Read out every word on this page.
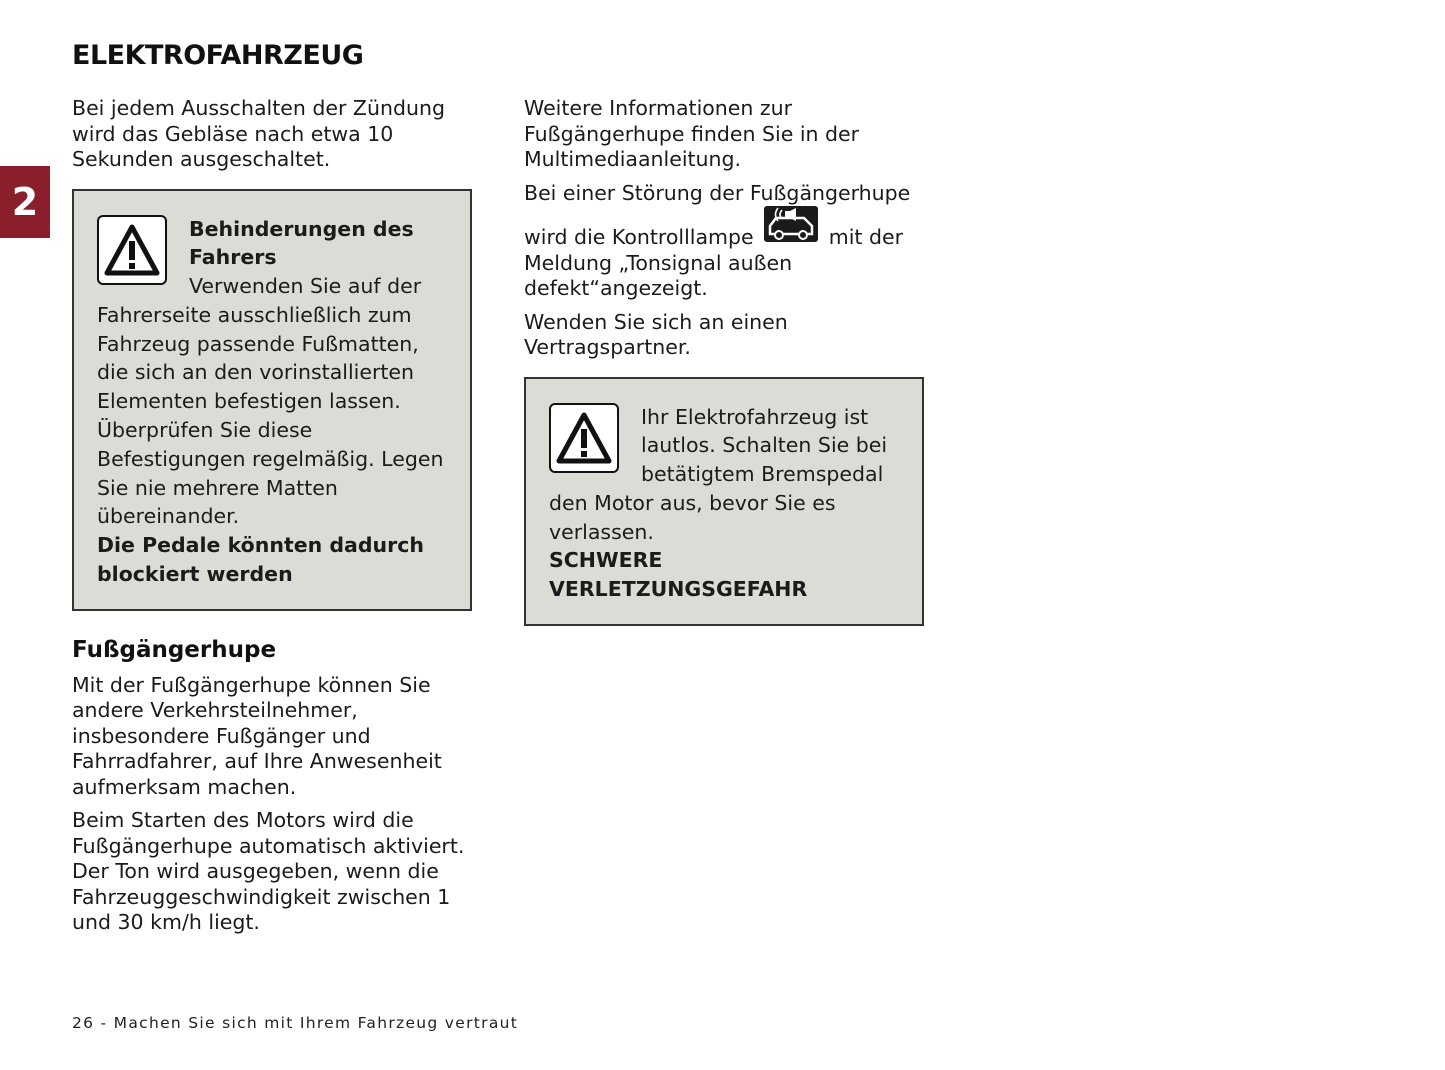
2
ELEKTROFAHRZEUG

Bei jedem Ausschalten der Zündung wird das Gebläse nach etwa 10 Sekunden ausgeschaltet.

Behinderungen des Fahrers
Verwenden Sie auf der Fahrerseite ausschließlich zum Fahrzeug passende Fußmatten, die sich an den vorinstallierten Elementen befestigen lassen. Überprüfen Sie diese Befestigungen regelmäßig. Legen Sie nie mehrere Matten übereinander.
Die Pedale könnten dadurch blockiert werden
Fußgängerhupe

Mit der Fußgängerhupe können Sie andere Verkehrsteilnehmer, insbesondere Fußgänger und Fahrradfahrer, auf Ihre Anwesenheit aufmerksam machen.

Beim Starten des Motors wird die Fußgängerhupe automatisch aktiviert. Der Ton wird ausgegeben, wenn die Fahrzeuggeschwindigkeit zwischen 1 und 30 km/h liegt.

Weitere Informationen zur Fußgängerhupe finden Sie in der Multimediaanleitung.

Bei einer Störung der Fußgängerhupe wird die Kontrolllampe	mit der Meldung „Tonsignal außen defekt“angezeigt.

Wenden Sie sich an einen Vertragspartner.

Ihr Elektrofahrzeug ist lautlos. Schalten Sie bei betätigtem Bremspedal den Motor aus, bevor Sie es verlassen.
SCHWERE VERLETZUNGSGEFAHR
26 - Machen Sie sich mit Ihrem Fahrzeug vertraut
